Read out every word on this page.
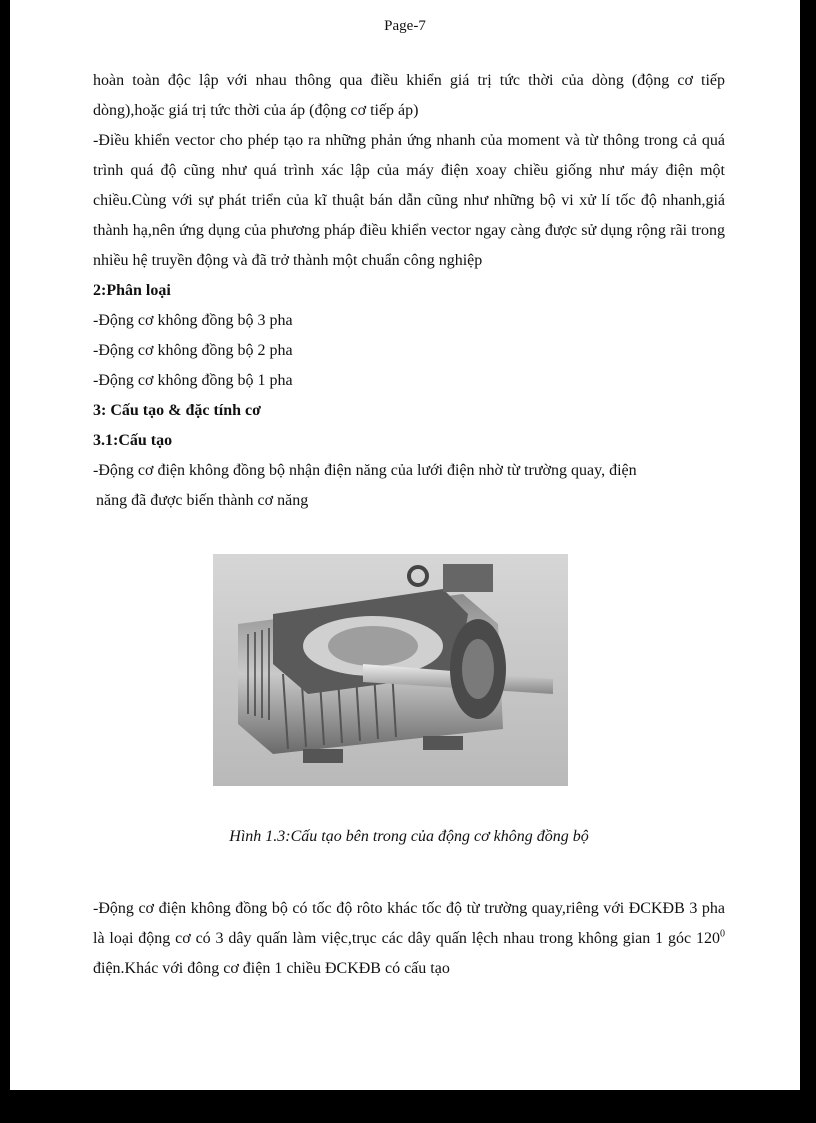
Page-7

hoàn toàn độc lập với nhau thông qua điều khiển giá trị tức thời của dòng (động cơ tiếp dòng),hoặc giá trị tức thời của áp (động cơ tiếp áp)

-Điều khiển vector cho phép tạo ra những phản ứng nhanh của moment và từ thông trong cả quá trình quá độ cũng như quá trình xác lập của máy điện xoay chiều giống như máy điện một chiều.Cùng với sự phát triển của kĩ thuật bán dẫn cũng như những bộ vi xử lí tốc độ nhanh,giá thành hạ,nên ứng dụng của phương pháp điều khiển vector ngay càng được sử dụng rộng rãi trong nhiều hệ truyền động và đã trở thành một chuẩn công nghiệp

2:Phân loại

-Động cơ không đồng bộ 3 pha

-Động cơ không đồng bộ 2 pha

-Động cơ không đồng bộ 1 pha

3: Cấu tạo & đặc tính cơ
3.1:Cấu tạo

-Động cơ điện không đồng bộ nhận điện năng của lưới điện nhờ từ trường quay, điện

năng đã được biến thành cơ năng

Hình 1.3:Cấu tạo bên trong của động cơ không đồng bộ

-Động cơ điện không đồng bộ có tốc độ rôto khác tốc độ từ trường quay,riêng với ĐCKĐB 3 pha là loại động cơ có 3 dây quấn làm việc,trục các dây quấn lệch nhau trong không gian 1 góc $120^0$ điện.Khác với đông cơ điện 1 chiều ĐCKĐB có cấu tạo
